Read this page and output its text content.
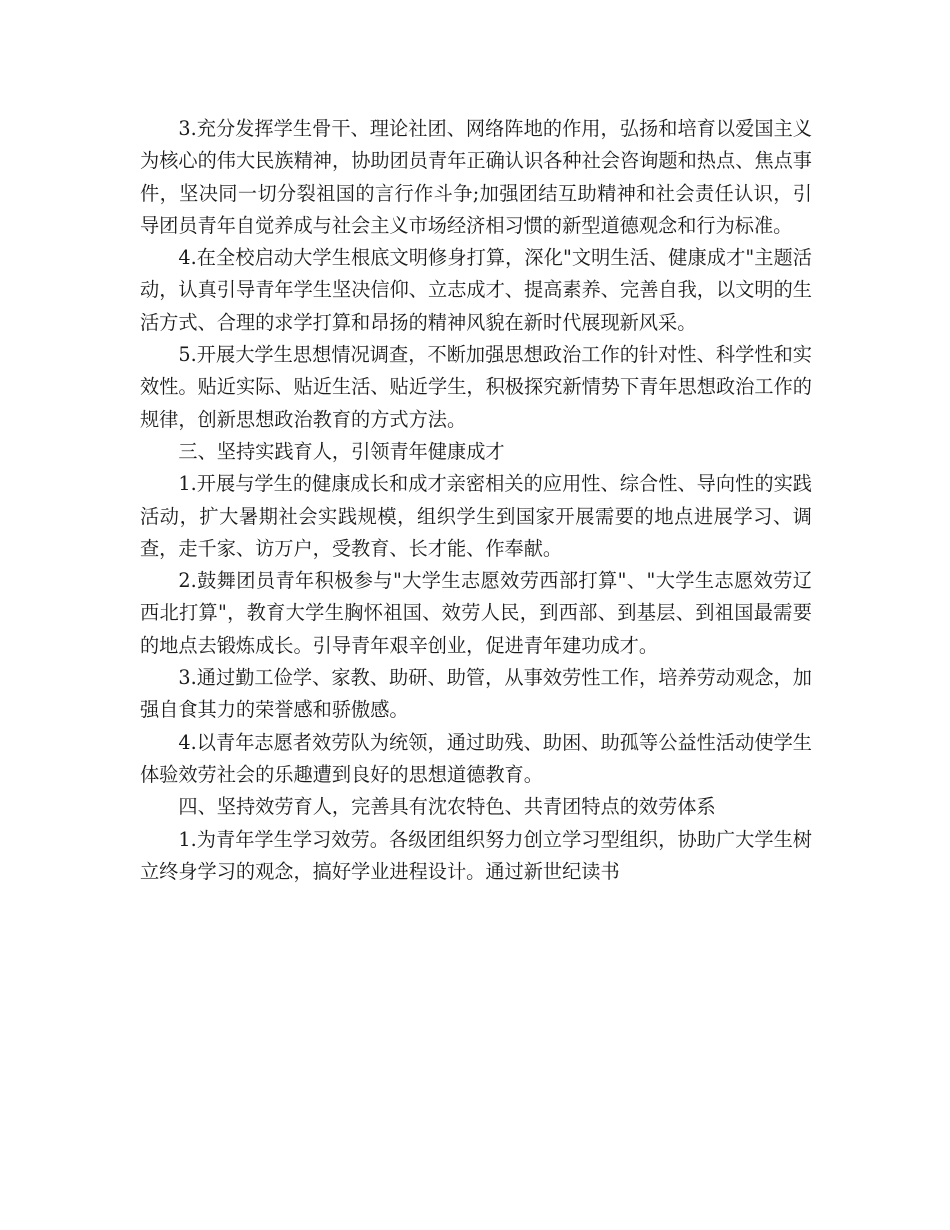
3.充分发挥学生骨干、理论社团、网络阵地的作用，弘扬和培育以爱国主义为核心的伟大民族精神，协助团员青年正确认识各种社会咨询题和热点、焦点事件，坚决同一切分裂祖国的言行作斗争;加强团结互助精神和社会责任认识，引导团员青年自觉养成与社会主义市场经济相习惯的新型道德观念和行为标准。

4.在全校启动大学生根底文明修身打算，深化"文明生活、健康成才"主题活动，认真引导青年学生坚决信仰、立志成才、提高素养、完善自我，以文明的生活方式、合理的求学打算和昂扬的精神风貌在新时代展现新风采。

5.开展大学生思想情况调查，不断加强思想政治工作的针对性、科学性和实效性。贴近实际、贴近生活、贴近学生，积极探究新情势下青年思想政治工作的规律，创新思想政治教育的方式方法。

三、坚持实践育人，引领青年健康成才

1.开展与学生的健康成长和成才亲密相关的应用性、综合性、导向性的实践活动，扩大暑期社会实践规模，组织学生到国家开展需要的地点进展学习、调查，走千家、访万户，受教育、长才能、作奉献。

2.鼓舞团员青年积极参与"大学生志愿效劳西部打算"、"大学生志愿效劳辽西北打算"，教育大学生胸怀祖国、效劳人民，到西部、到基层、到祖国最需要的地点去锻炼成长。引导青年艰辛创业，促进青年建功成才。

3.通过勤工俭学、家教、助研、助管，从事效劳性工作，培养劳动观念，加强自食其力的荣誉感和骄傲感。

4.以青年志愿者效劳队为统领，通过助残、助困、助孤等公益性活动使学生体验效劳社会的乐趣遭到良好的思想道德教育。

四、坚持效劳育人，完善具有沈农特色、共青团特点的效劳体系

1.为青年学生学习效劳。各级团组织努力创立学习型组织，协助广大学生树立终身学习的观念，搞好学业进程设计。通过新世纪读书
